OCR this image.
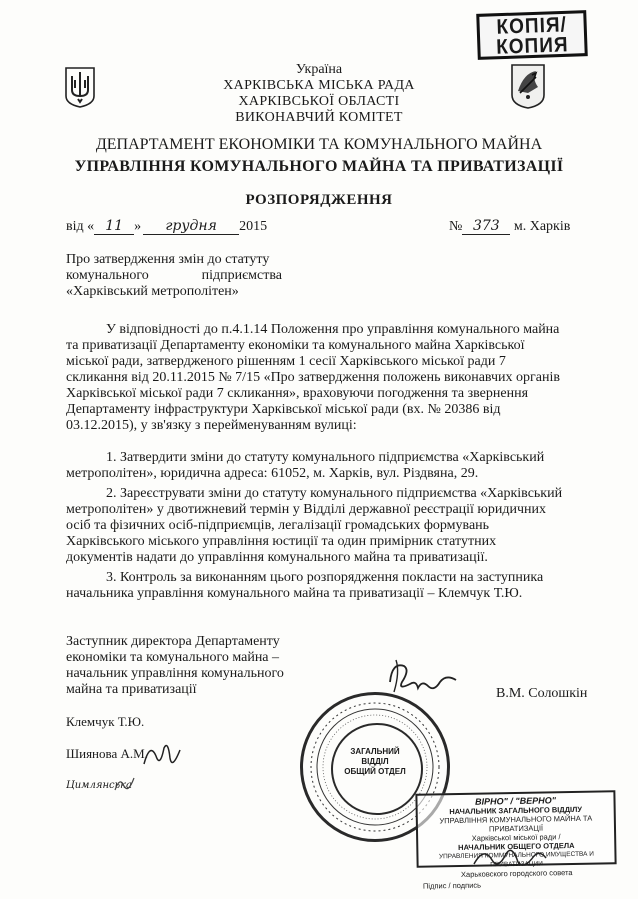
КОПІЯ/
КОПИЯ
Україна
ХАРКІВСЬКА МІСЬКА РАДА
ХАРКІВСЬКОЇ ОБЛАСТІ
ВИКОНАВЧИЙ КОМІТЕТ
ДЕПАРТАМЕНТ ЕКОНОМІКИ ТА КОМУНАЛЬНОГО МАЙНА
УПРАВЛІННЯ КОМУНАЛЬНОГО МАЙНА ТА ПРИВАТИЗАЦІЇ
РОЗПОРЯДЖЕННЯ
від « 11 » грудня 2015	№ 373 м. Харків
Про затвердження змін до статуту
комунального	підприємства
«Харківський метрополітен»
У відповідності до п.4.1.14 Положення про управління комунального майна
та приватизації Департаменту економіки та комунального майна Харківської
міської ради, затвердженого рішенням 1 сесії Харківського міської ради 7
скликання від 20.11.2015 № 7/15 «Про затвердження положень виконавчих органів
Харківської міської ради 7 скликання», враховуючи погодження та звернення
Департаменту інфраструктури Харківської міської ради (вх. № 20386 від
03.12.2015), у зв'язку з перейменуванням вулиці:
1. Затвердити зміни до статуту комунального підприємства «Харківський
метрополітен», юридична адреса: 61052, м. Харків, вул. Різдвяна, 29.
2. Зареєструвати зміни до статуту комунального підприємства «Харківський
метрополітен» у двотижневий термін у Відділі державної реєстрації юридичних
осіб та фізичних осіб-підприємців, легалізації громадських формувань
Харківського міського управління юстиції та один примірник статутних
документів надати до управління комунального майна та приватизації.
3. Контроль за виконанням цього розпорядження покласти на заступника
начальника управління комунального майна та приватизації – Клемчук Т.Ю.
Заступник директора Департаменту
економіки та комунального майна –
начальник управління комунального
майна та приватизації	В.М. Солошкін
Клемчук Т.Ю.
Шиянова А.М.
Цимлянська
ЗАГАЛЬНИЙ
ВІДДІЛ
ОБЩИЙ ОТДЕЛ
ВІРНО" / "ВЕРНО"
НАЧАЛЬНИК ЗАГАЛЬНОГО ВІДДІЛУ
УПРАВЛІННЯ КОМУНАЛЬНОГО МАЙНА ТА ПРИВАТИЗАЦІЇ
Харківської міської ради /
НАЧАЛЬНИК ОБЩЕГО ОТДЕЛА
УПРАВЛЕНИЯ КОММУНАЛЬНОГО ИМУЩЕСТВА И ПРИВАТИЗАЦИИ
Харьковского городского совета
Підпис / подпись
